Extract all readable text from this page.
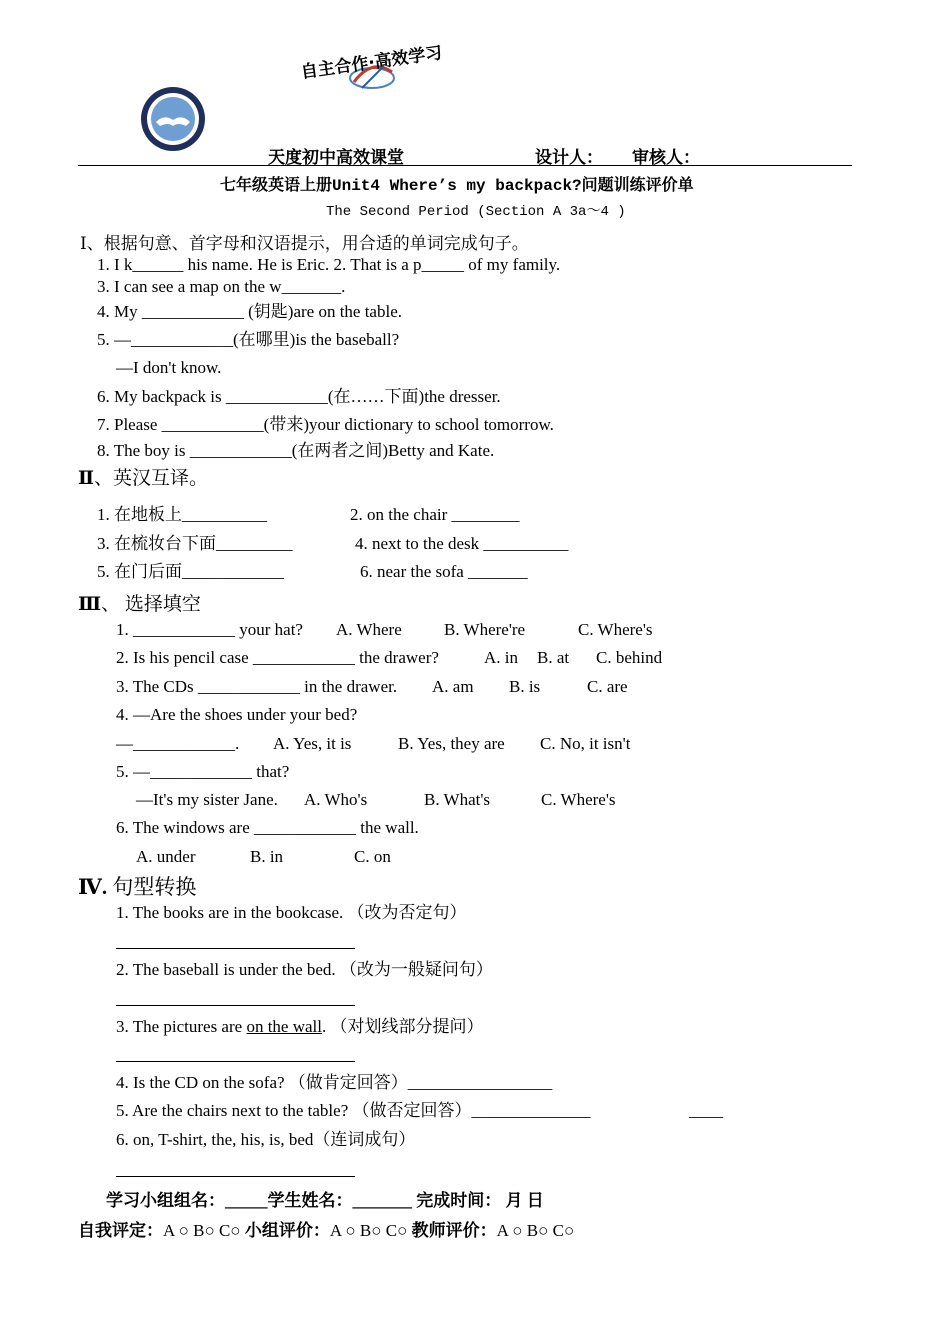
自主合作·高效学习
天度初中高效课堂	设计人： 审核人：
七年级英语上册Unit4 Where’s my backpack?问题训练评价单
The Second Period (Section A 3a～4 )
Ⅰ、根据句意、首字母和汉语提示，用合适的单词完成句子。
1. I k______ his name. He is Eric. 2. That is a p_____ of my family.
3. I can see a map on the w_______.
4. My ____________ (钥匙)are on the table.
5. —____________(在哪里)is the baseball?
—I don't know.
6. My backpack is ____________(在……下面)the dresser.
7. Please ____________(带来)your dictionary to school tomorrow.
8. The boy is ____________(在两者之间)Betty and Kate.
Ⅱ、英汉互译。
1. 在地板上__________	2. on the chair ________
3. 在梳妆台下面_________	4. next to the desk __________
5. 在门后面____________	6. near the sofa _______
Ⅲ、 选择填空
1. ____________ your hat? A. Where B. Where're	C. Where's
2. Is his pencil case ____________ the drawer?	A. in B. at C. behind
3. The CDs ____________ in the drawer. A. am B. is	C. are
4. —Are the shoes under your bed?
—____________. A. Yes, it is	B. Yes, they are C. No, it isn't
5. —____________ that?
—It's my sister Jane. A. Who's	B. What's	C. Where's
6. The windows are ____________ the wall.
A. under	B. in	C. on
Ⅳ. 句型转换
1. The books are in the bookcase. （改为否定句）
2. The baseball is under the bed. （改为一般疑问句）
3. The pictures are on the wall. （对划线部分提问）
4. Is the CD on the sofa? （做肯定回答）_________________
5. Are the chairs next to the table? （做否定回答）______________	____
6. on, T-shirt, the, his, is, bed（连词成句）
学习小组组名：_____学生姓名：_______ 完成时间： 月 日
自我评定：A ○ B○ C○ 小组评价：A ○ B○ C○ 教师评价：A ○ B○ C○
